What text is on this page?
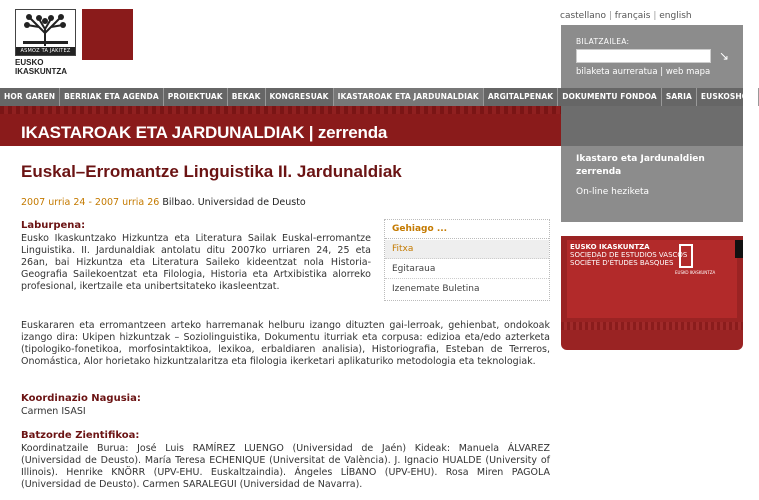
ASMOZ TA JAKITEZ
EUSKO
IKASKUNTZA
castellano | français | english
BILATZAILEA:
↘
bilaketa aurreratua | web mapa
HOR GAREN	BERRIAK ETA AGENDA	PROIEKTUAK	BEKAK	KONGRESUAK	IKASTAROAK ETA JARDUNALDIAK	ARGITALPENAK	DOKUMENTU FONDOA	SARIA	EUSKOSHOP
IKASTAROAK ETA JARDUNALDIAK | zerrenda
Ikastaro eta Jardunaldien zerrenda
On-line heziketa
EUSKO IKASKUNTZA
SOCIEDAD DE ESTUDIOS VASCOS
SOCIÉTÉ D'ÉTUDES BASQUES
EUSKO IKASKUNTZA
Euskal–Erromantze Linguistika II. Jardunaldiak
2007 urria 24 - 2007 urria 26 Bilbao. Universidad de Deusto
Gehiago ...
Fitxa
Egitaraua
Izenemate Buletina
Laburpena:
Eusko Ikaskuntzako Hizkuntza eta Literatura Sailak Euskal-erromantze Linguistika. II. Jardunaldiak antolatu ditu 2007ko urriaren 24, 25 eta 26an, bai Hizkuntza eta Literatura Saileko kideentzat nola Historia-Geografia Sailekoentzat eta Filologia, Historia eta Artxibistika alorreko profesional, ikertzaile eta unibertsitateko ikasleentzat.
Euskararen eta erromantzeen arteko harremanak helburu izango dituzten gai-lerroak, gehienbat, ondokoak izango dira: Ukipen hizkuntzak – Soziolinguistika, Dokumentu iturriak eta corpusa: edizioa eta/edo azterketa (tipologiko-fonetikoa, morfosintaktikoa, lexikoa, erbaldiaren analisia), Historiografia, Esteban de Terreros, Onomástica, Alor horietako hizkuntzalaritza eta filologia ikerketari aplikaturiko metodologia eta teknologiak.
Koordinazio Nagusia:
Carmen ISASI
Batzorde Zientifikoa:
Koordinatzaile Burua: José Luis RAMÍREZ LUENGO (Universidad de Jaén) Kideak: Manuela ÁLVAREZ (Universidad de Deusto). María Teresa ECHENIQUE (Universitat de València). J. Ignacio HUALDE (University of Illinois). Henrike KNÖRR (UPV-EHU. Euskaltzaindia). Ángeles LÍBANO (UPV-EHU). Rosa Miren PAGOLA (Universidad de Deusto). Carmen SARALEGUI (Universidad de Navarra).
